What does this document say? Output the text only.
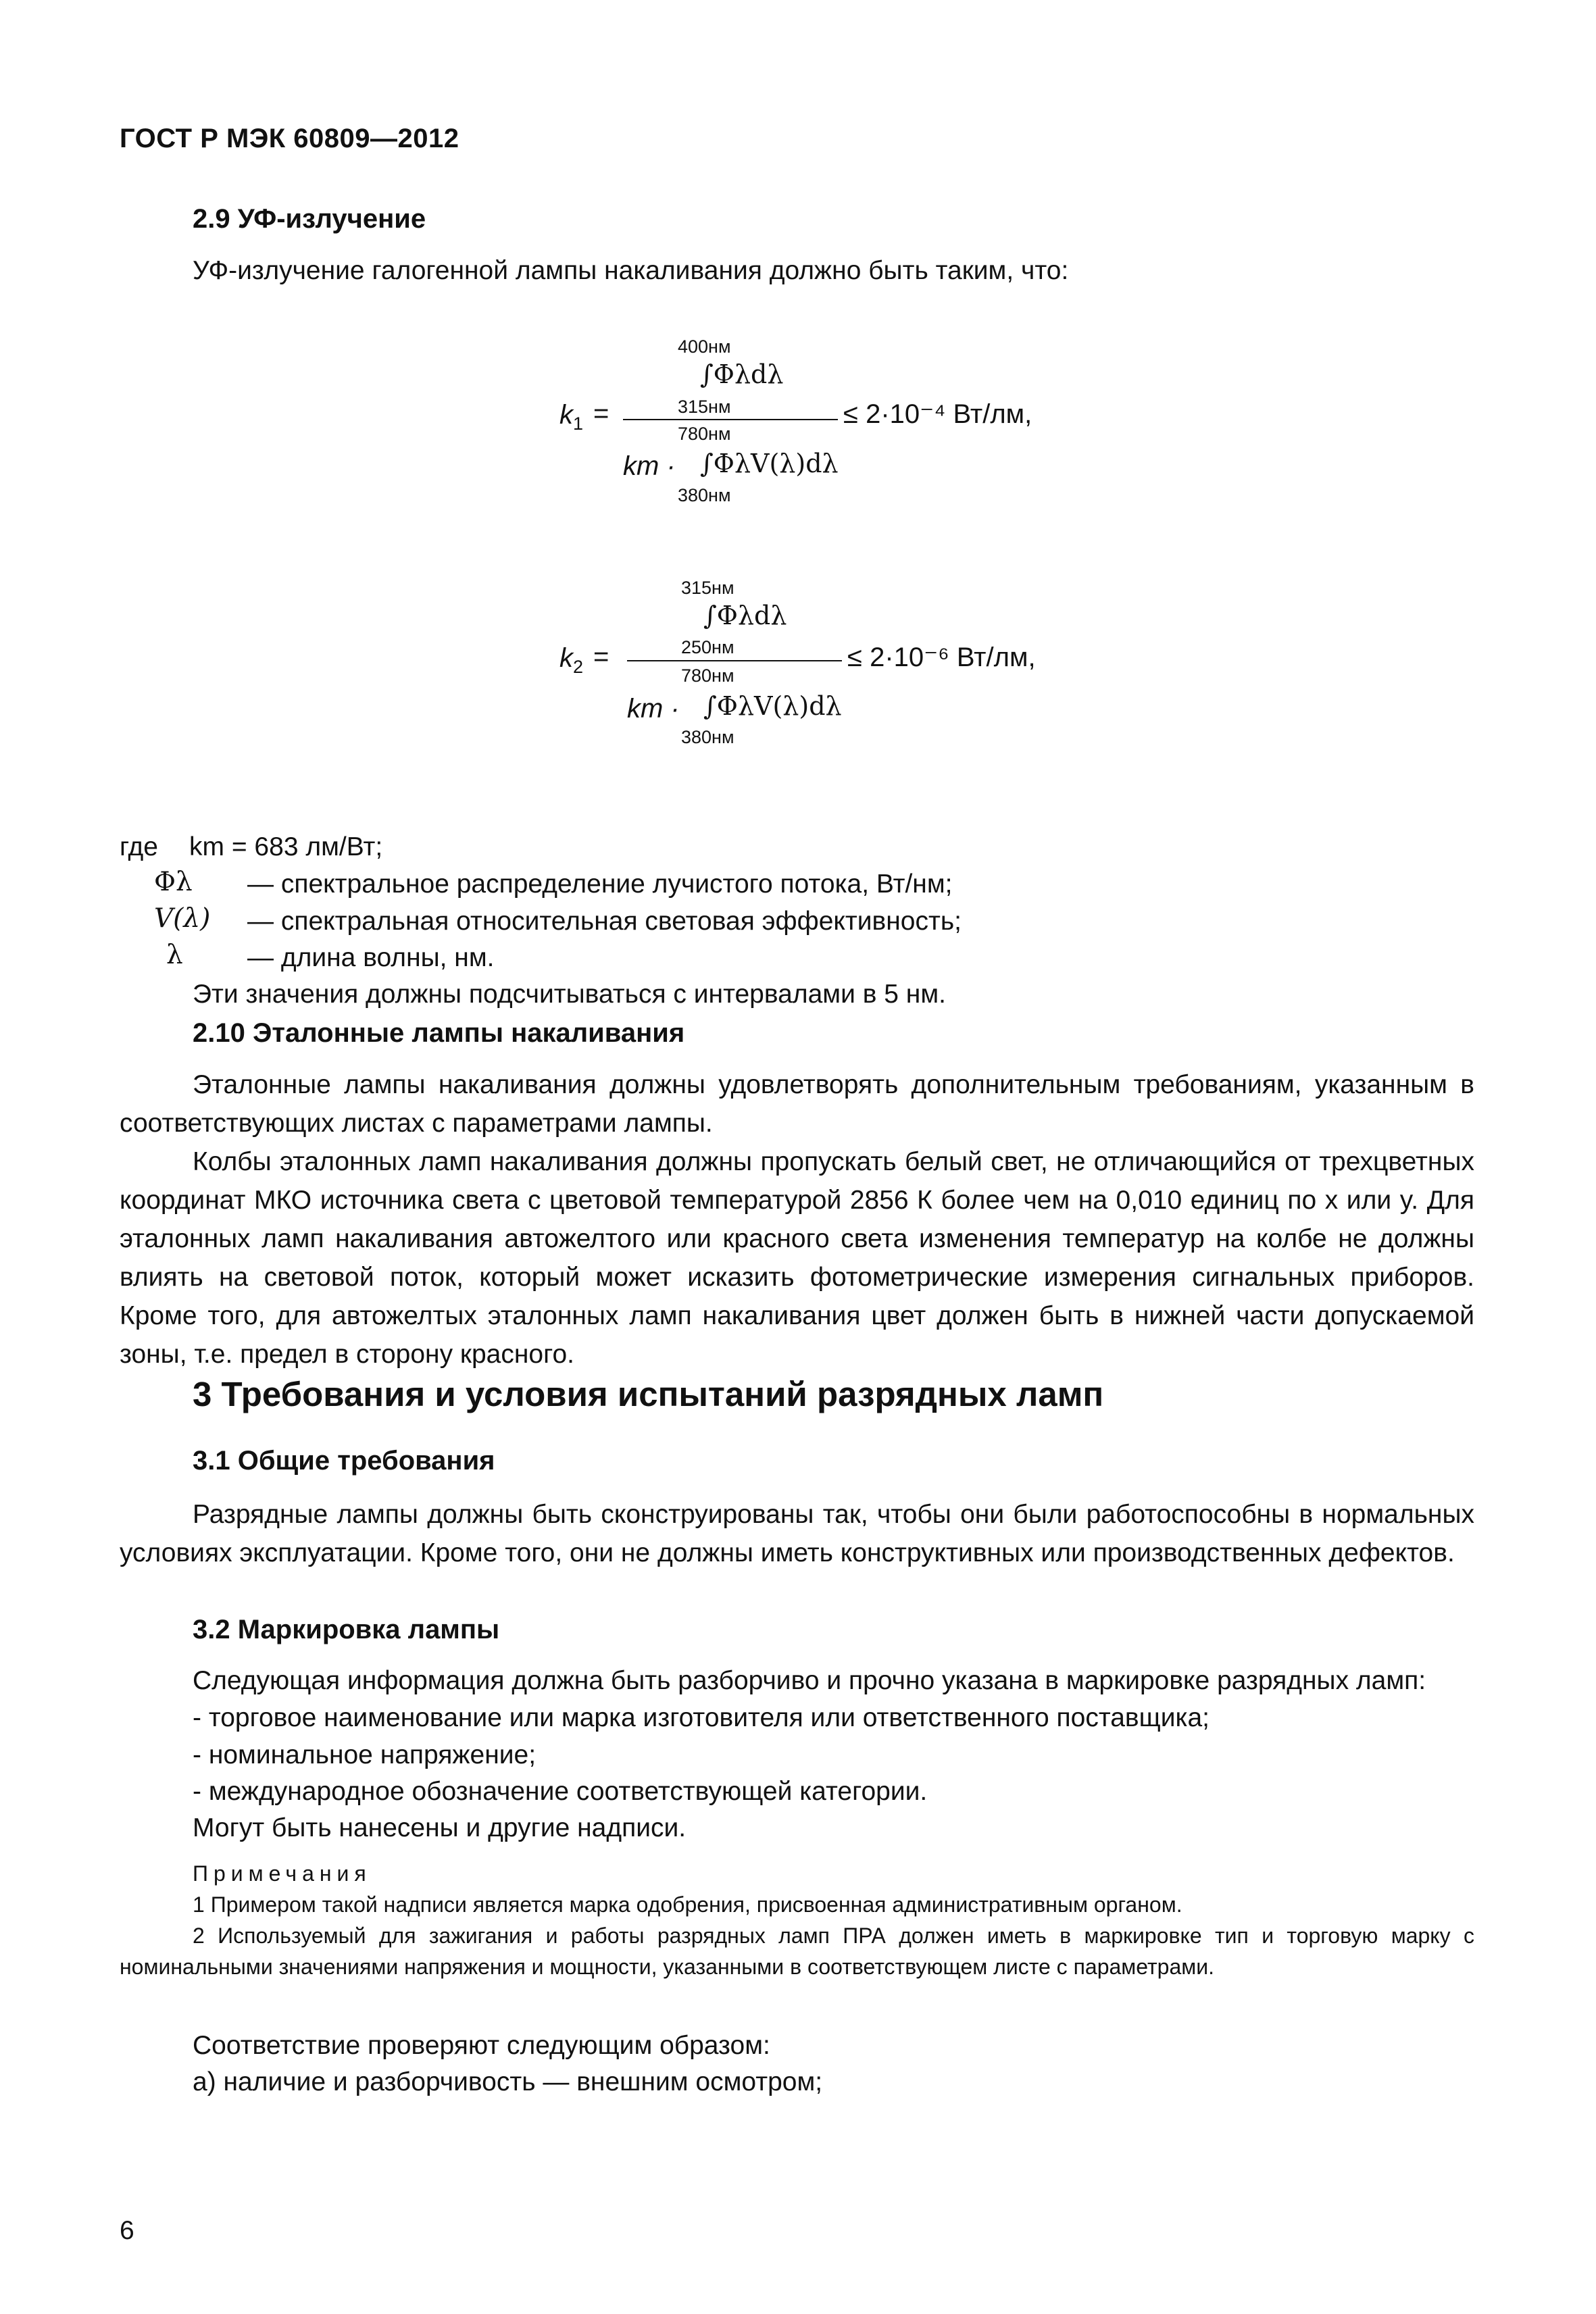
ГОСТ Р МЭК 60809—2012
2.9 УФ-излучение
УФ-излучение галогенной лампы накаливания должно быть таким, что:
$k_1$ =
400нм
∫Φλdλ
315нм
780нм
km · ∫ΦλV(λ)dλ
380нм
≤ 2·10⁻⁴ Вт/лм,
$k_2$ =
315нм
∫Φλdλ
250нм
780нм
km · ∫ΦλV(λ)dλ
380нм
≤ 2·10⁻⁶ Вт/лм,
где km = 683 лм/Вт;
Φλ — спектральное распределение лучистого потока, Вт/нм;
V(λ) — спектральная относительная световая эффективность;
λ — длина волны, нм.
Эти значения должны подсчитываться с интервалами в 5 нм.
2.10 Эталонные лампы накаливания

Эталонные лампы накаливания должны удовлетворять дополнительным требованиям, указанным в соответствующих листах с параметрами лампы.

Колбы эталонных ламп накаливания должны пропускать белый свет, не отличающийся от трехцветных координат МКО источника света с цветовой температурой 2856 К более чем на 0,010 единиц по x или y. Для эталонных ламп накаливания автожелтого или красного света изменения температур на колбе не должны влиять на световой поток, который может исказить фотометрические измерения сигнальных приборов. Кроме того, для автожелтых эталонных ламп накаливания цвет должен быть в нижней части допускаемой зоны, т.е. предел в сторону красного.

3 Требования и условия испытаний разрядных ламп
3.1 Общие требования

Разрядные лампы должны быть сконструированы так, чтобы они были работоспособны в нормальных условиях эксплуатации. Кроме того, они не должны иметь конструктивных или производственных дефектов.

3.2 Маркировка лампы
Следующая информация должна быть разборчиво и прочно указана в маркировке разрядных ламп:
- торговое наименование или марка изготовителя или ответственного поставщика;
- номинальное напряжение;
- международное обозначение соответствующей категории.
Могут быть нанесены и другие надписи.

Примечания

1 Примером такой надписи является марка одобрения, присвоенная административным органом.

2 Используемый для зажигания и работы разрядных ламп ПРА должен иметь в маркировке тип и торговую марку с номинальными значениями напряжения и мощности, указанными в соответствующем листе с параметрами.

Соответствие проверяют следующим образом:
а) наличие и разборчивость — внешним осмотром;
6
